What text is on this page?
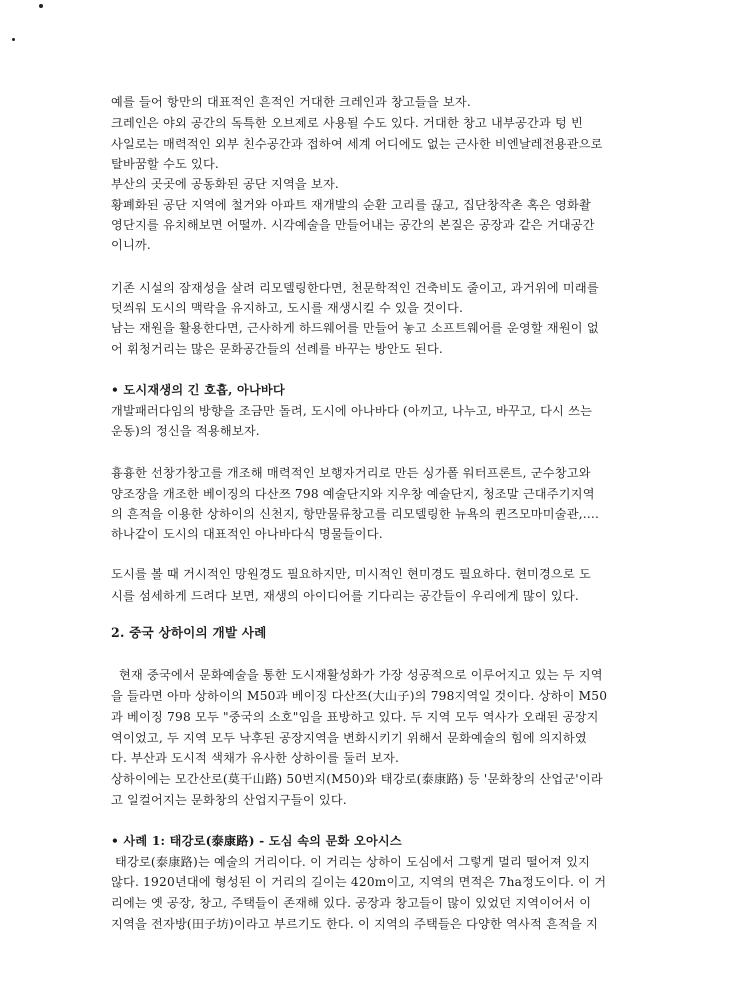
예를 들어 항만의 대표적인 흔적인 거대한 크레인과 창고들을 보자.
크레인은 야외 공간의 독특한 오브제로 사용될 수도 있다. 거대한 창고 내부공간과 텅 빈
사일로는 매력적인 외부 친수공간과 접하여 세계 어디에도 없는 근사한 비엔날레전용관으로
탈바꿈할 수도 있다.
부산의 곳곳에 공동화된 공단 지역을 보자.
황폐화된 공단 지역에 철거와 아파트 재개발의 순환 고리를 끊고, 집단창작촌 혹은 영화촬
영단지를 유치해보면 어떨까. 시각예술을 만들어내는 공간의 본질은 공장과 같은 거대공간
이니까.
기존 시설의 잠재성을 살려 리모델링한다면, 천문학적인 건축비도 줄이고, 과거위에 미래를
덧씌워 도시의 맥락을 유지하고, 도시를 재생시킬 수 있을 것이다.
남는 재원을 활용한다면, 근사하게 하드웨어를 만들어 놓고 소프트웨어를 운영할 재원이 없
어 휘청거리는 많은 문화공간들의 선례를 바꾸는 방안도 된다.
• 도시재생의 긴 호흡, 아나바다
개발패러다임의 방향을 조금만 돌려, 도시에 아나바다 (아끼고, 나누고, 바꾸고, 다시 쓰는
운동)의 정신을 적용해보자.
흉흉한 선창가창고를 개조해 매력적인 보행자거리로 만든 싱가폴 워터프론트, 군수창고와
양조장을 개조한 베이징의 다산쯔 798 예술단지와 지우창 예술단지, 청조말 근대주기지역
의 흔적을 이용한 상하이의 신천지, 항만물류창고를 리모델링한 뉴욕의 퀸즈모마미술관,....
하나같이 도시의 대표적인 아나바다식 명물들이다.
도시를 볼 때 거시적인 망원경도 필요하지만, 미시적인 현미경도 필요하다. 현미경으로 도
시를 섬세하게 드려다 보면, 재생의 아이디어를 기다리는 공간들이 우리에게 많이 있다.
2. 중국 상하이의 개발 사례
현재 중국에서 문화예술을 통한 도시재활성화가 가장 성공적으로 이루어지고 있는 두 지역
을 들라면 아마 상하이의 M50과 베이징 다산쯔(大山子)의 798지역일 것이다. 상하이 M50
과 베이징 798 모두 "중국의 소호"임을 표방하고 있다. 두 지역 모두 역사가 오래된 공장지
역이었고, 두 지역 모두 낙후된 공장지역을 변화시키기 위해서 문화예술의 힘에 의지하였
다. 부산과 도시적 색채가 유사한 상하이를 둘러 보자.
상하이에는 모간산로(莫干山路) 50번지(M50)와 태강로(泰康路) 등 '문화창의 산업군'이라
고 일컬어지는 문화창의 산업지구들이 있다.
• 사례 1: 태강로(泰康路) - 도심 속의 문화 오아시스
태강로(泰康路)는 예술의 거리이다. 이 거리는 상하이 도심에서 그렇게 멀리 떨어져 있지
않다. 1920년대에 형성된 이 거리의 길이는 420m이고, 지역의 면적은 7ha정도이다. 이 거
리에는 옛 공장, 창고, 주택들이 존재해 있다. 공장과 창고들이 많이 있었던 지역이어서 이
지역을 전자방(田子坊)이라고 부르기도 한다. 이 지역의 주택들은 다양한 역사적 흔적을 지
